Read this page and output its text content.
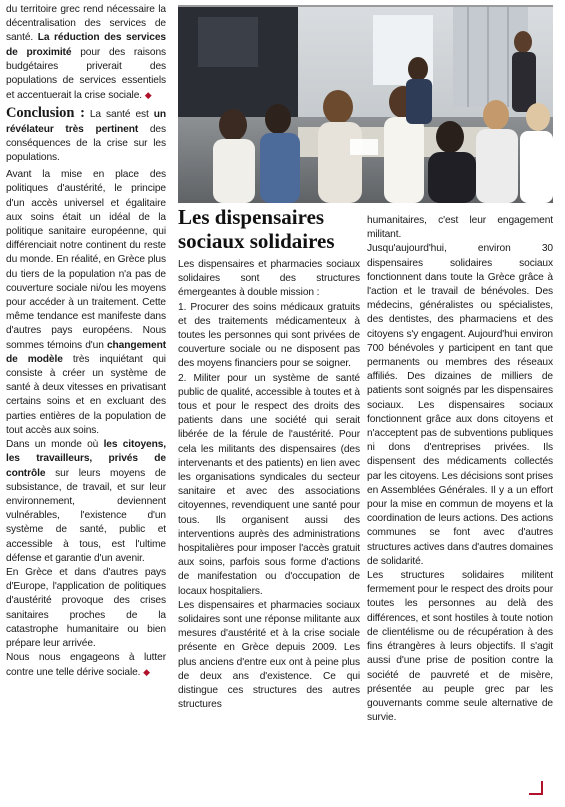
du territoire grec rend nécessaire la décentralisation des services de santé. La réduction des services de proximité pour des raisons budgétaires priverait des populations de services essentiels et accentuerait la crise sociale. ◆

Conclusion : La santé est un révélateur très pertinent des conséquences de la crise sur les populations.

Avant la mise en place des politiques d'austérité, le principe d'un accès universel et égalitaire aux soins était un idéal de la politique sanitaire européenne, qui différenciait notre continent du reste du monde. En réalité, en Grèce plus du tiers de la population n'a pas de couverture sociale ni/ou les moyens pour accéder à un traitement. Cette même tendance est manifeste dans d'autres pays européens. Nous sommes témoins d'un changement de modèle très inquiétant qui consiste à créer un système de santé à deux vitesses en privatisant certains soins et en excluant des parties entières de la population de tout accès aux soins.

Dans un monde où les citoyens, les travailleurs, privés de contrôle sur leurs moyens de subsistance, de travail, et sur leur environnement, deviennent vulnérables, l'existence d'un système de santé, public et accessible à tous, est l'ultime défense et garantie d'un avenir.

En Grèce et dans d'autres pays d'Europe, l'application de politiques d'austérité provoque des crises sanitaires proches de la catastrophe humanitaire ou bien prépare leur arrivée.

Nous nous engageons à lutter contre une telle dérive sociale. ◆

Les dispensaires
sociaux solidaires

Les dispensaires et pharmacies sociaux solidaires sont des structures émergeantes à double mission :

1. Procurer des soins médicaux gratuits et des traitements médicamenteux à toutes les personnes qui sont privées de couverture sociale ou ne disposent pas des moyens financiers pour se soigner.

2. Militer pour un système de santé public de qualité, accessible à toutes et à tous et pour le respect des droits des patients dans une société qui serait libérée de la férule de l'austérité. Pour cela les militants des dispensaires (des intervenants et des patients) en lien avec les organisations syndicales du secteur sanitaire et avec des associations citoyennes, revendiquent une santé pour tous. Ils organisent aussi des interventions auprès des administrations hospitalières pour imposer l'accès gratuit aux soins, parfois sous forme d'actions de manifestation ou d'occupation de locaux hospitaliers.

Les dispensaires et pharmacies sociaux solidaires sont une réponse militante aux mesures d'austérité et à la crise sociale présente en Grèce depuis 2009. Les plus anciens d'entre eux ont à peine plus de deux ans d'existence. Ce qui distingue ces structures des autres structures

humanitaires, c'est leur engagement militant.

Jusqu'aujourd'hui, environ 30 dispensaires solidaires sociaux fonctionnent dans toute la Grèce grâce à l'action et le travail de bénévoles. Des médecins, généralistes ou spécialistes, des dentistes, des pharmaciens et des citoyens s'y engagent. Aujourd'hui environ 700 bénévoles y participent en tant que permanents ou membres des réseaux affiliés. Des dizaines de milliers de patients sont soignés par les dispensaires sociaux. Les dispensaires sociaux fonctionnent grâce aux dons citoyens et n'acceptent pas de subventions publiques ni dons d'entreprises privées. Ils dispensent des médicaments collectés par les citoyens. Les décisions sont prises en Assemblées Générales. Il y a un effort pour la mise en commun de moyens et la coordination de leurs actions. Des actions communes se font avec d'autres structures actives dans d'autres domaines de solidarité.

Les structures solidaires militent fermement pour le respect des droits pour toutes les personnes au delà des différences, et sont hostiles à toute notion de clientélisme ou de récupération à des fins étrangères à leurs objectifs. Il s'agit aussi d'une prise de position contre la société de pauvreté et de misère, présentée au peuple grec par les gouvernants comme seule alternative de survie.
